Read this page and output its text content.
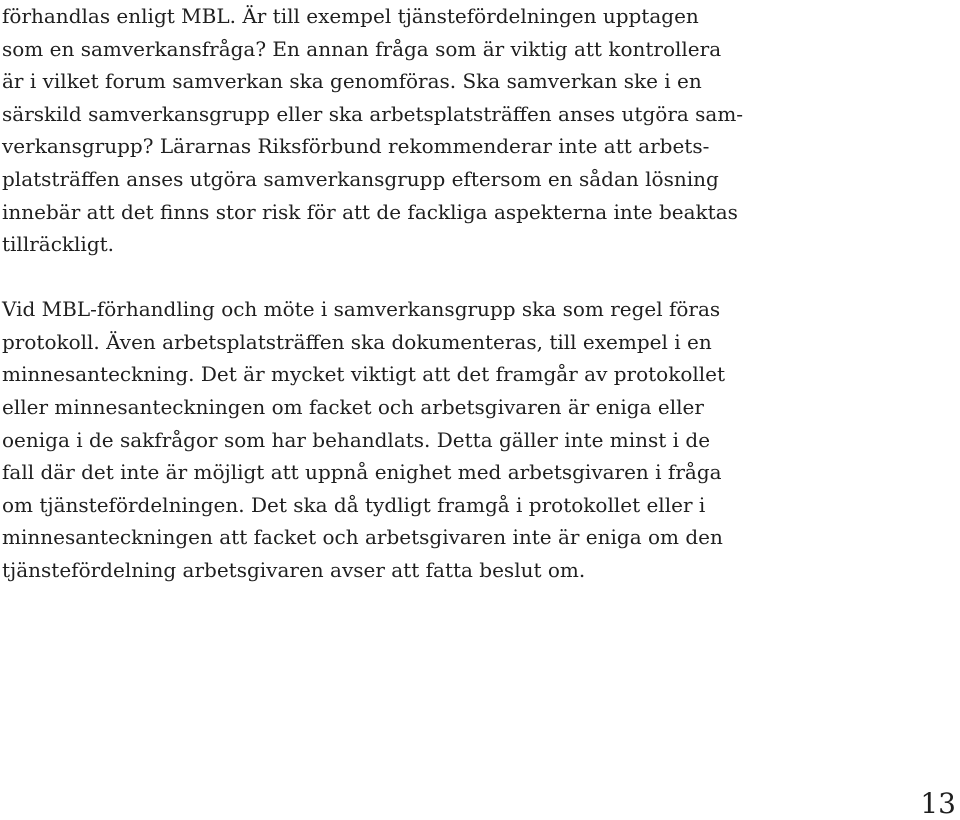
förhandlas enligt MBL. Är till exempel tjänstefördelningen upptagen
som en samverkansfråga? En annan fråga som är viktig att kontrollera
är i vilket forum samverkan ska genomföras. Ska samverkan ske i en
särskild samverkansgrupp eller ska arbetsplatsträffen anses utgöra sam-
verkansgrupp? Lärarnas Riksförbund rekommenderar inte att arbets-
platsträffen anses utgöra samverkansgrupp eftersom en sådan lösning
innebär att det finns stor risk för att de fackliga aspekterna inte beaktas
tillräckligt.

Vid MBL-förhandling och möte i samverkansgrupp ska som regel föras
protokoll. Även arbetsplatsträffen ska dokumenteras, till exempel i en
minnesanteckning. Det är mycket viktigt att det framgår av protokollet
eller minnesanteckningen om facket och arbetsgivaren är eniga eller
oeniga i de sakfrågor som har behandlats. Detta gäller inte minst i de
fall där det inte är möjligt att uppnå enighet med arbetsgivaren i fråga
om tjänstefördelningen. Det ska då tydligt framgå i protokollet eller i
minnesanteckningen att facket och arbetsgivaren inte är eniga om den
tjänstefördelning arbetsgivaren avser att fatta beslut om.

13
